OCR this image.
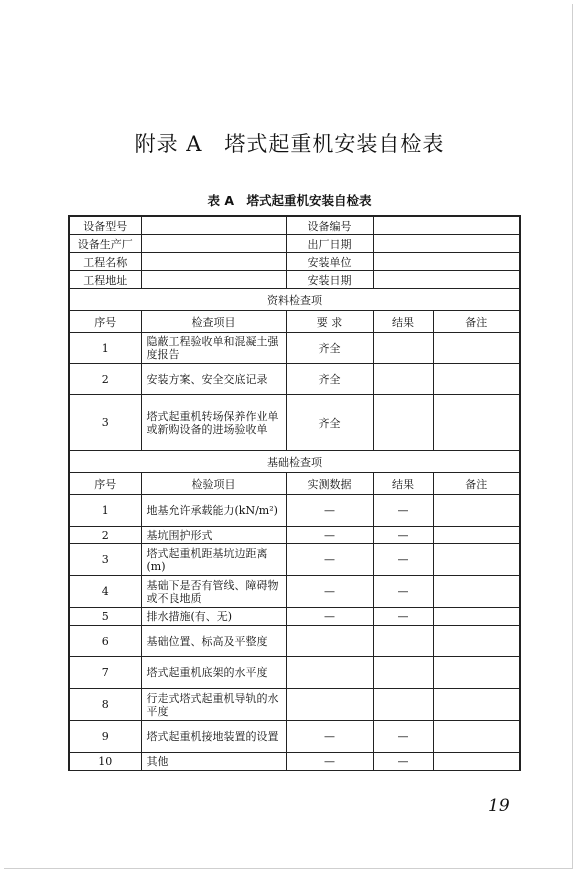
附录 A　塔式起重机安装自检表
表 A　塔式起重机安装自检表
设备型号		设备编号		
设备生产厂		出厂日期		
工程名称		安装单位		
工程地址		安装日期		
资料检查项				
序号	检查项目	要 求	结果	备注
1	隐蔽工程验收单和混凝土强度报告	齐全		
2	安装方案、安全交底记录	齐全		
3	塔式起重机转场保养作业单或新购设备的进场验收单	齐全		
基础检查项				
序号	检验项目	实测数据	结果	备注
1	地基允许承载能力(kN/m²)	—	—	
2	基坑围护形式	—	—	
3	塔式起重机距基坑边距离(m)	—	—	
4	基础下是否有管线、障碍物或不良地质	—	—	
5	排水措施(有、无)	—	—	
6	基础位置、标高及平整度			
7	塔式起重机底架的水平度			
8	行走式塔式起重机导轨的水平度			
9	塔式起重机接地装置的设置	—	—	
10	其他	—	—	
19
